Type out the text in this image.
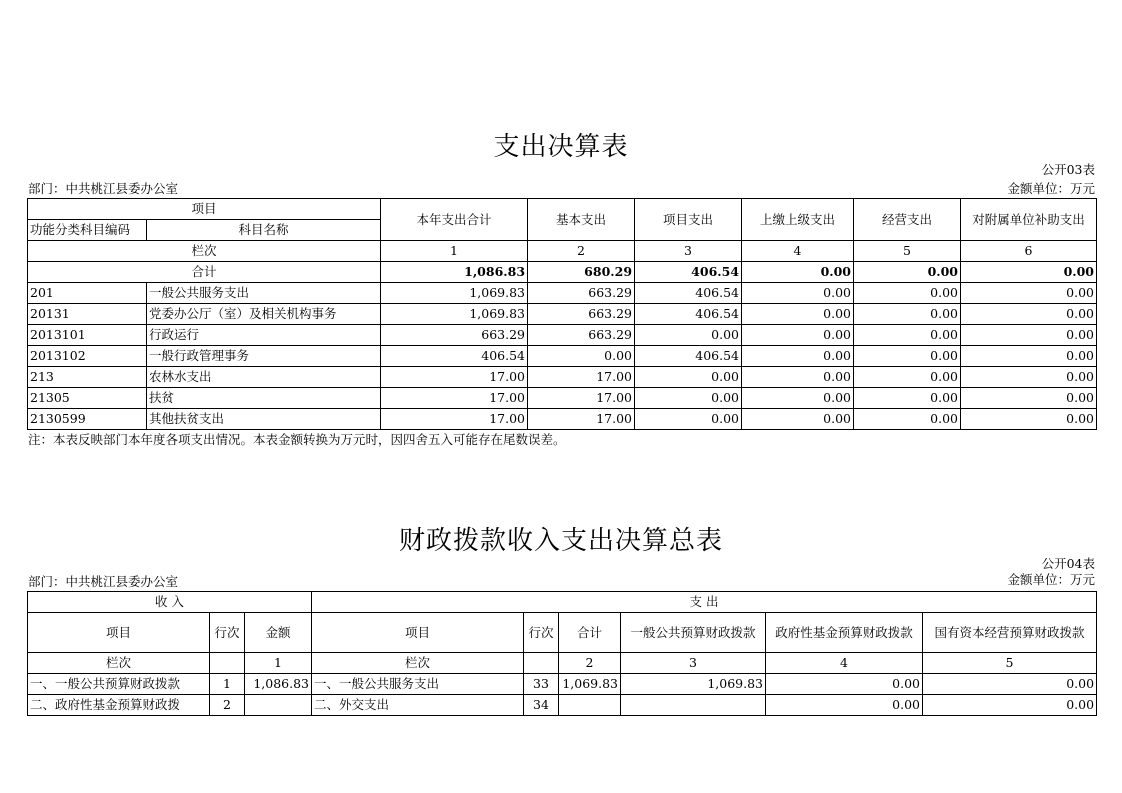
支出决算表
公开03表
部门：中共桃江县委办公室	金额单位：万元
项目		本年支出合计	基本支出	项目支出	上缴上级支出	经营支出	对附属单位补助支出
功能分类科目编码	科目名称						
栏次		1	2	3	4	5	6
合计		1,086.83	680.29	406.54	0.00	0.00	0.00
201	一般公共服务支出	1,069.83	663.29	406.54	0.00	0.00	0.00
20131	党委办公厅（室）及相关机构事务	1,069.83	663.29	406.54	0.00	0.00	0.00
2013101	行政运行	663.29	663.29	0.00	0.00	0.00	0.00
2013102	一般行政管理事务	406.54	0.00	406.54	0.00	0.00	0.00
213	农林水支出	17.00	17.00	0.00	0.00	0.00	0.00
21305	扶贫	17.00	17.00	0.00	0.00	0.00	0.00
2130599	其他扶贫支出	17.00	17.00	0.00	0.00	0.00	0.00
注：本表反映部门本年度各项支出情况。本表金额转换为万元时，因四舍五入可能存在尾数误差。
财政拨款收入支出决算总表
公开04表
部门：中共桃江县委办公室	金额单位：万元
收 入			支 出					
项目	行次	金额	项目	行次	合计	一般公共预算财政拨款	政府性基金预算财政拨款	国有资本经营预算财政拨款
栏次		1	栏次		2	3	4	5
一、一般公共预算财政拨款	1	1,086.83	一、一般公共服务支出	33	1,069.83	1,069.83	0.00	0.00
二、政府性基金预算财政拨	2		二、外交支出	34			0.00	0.00
